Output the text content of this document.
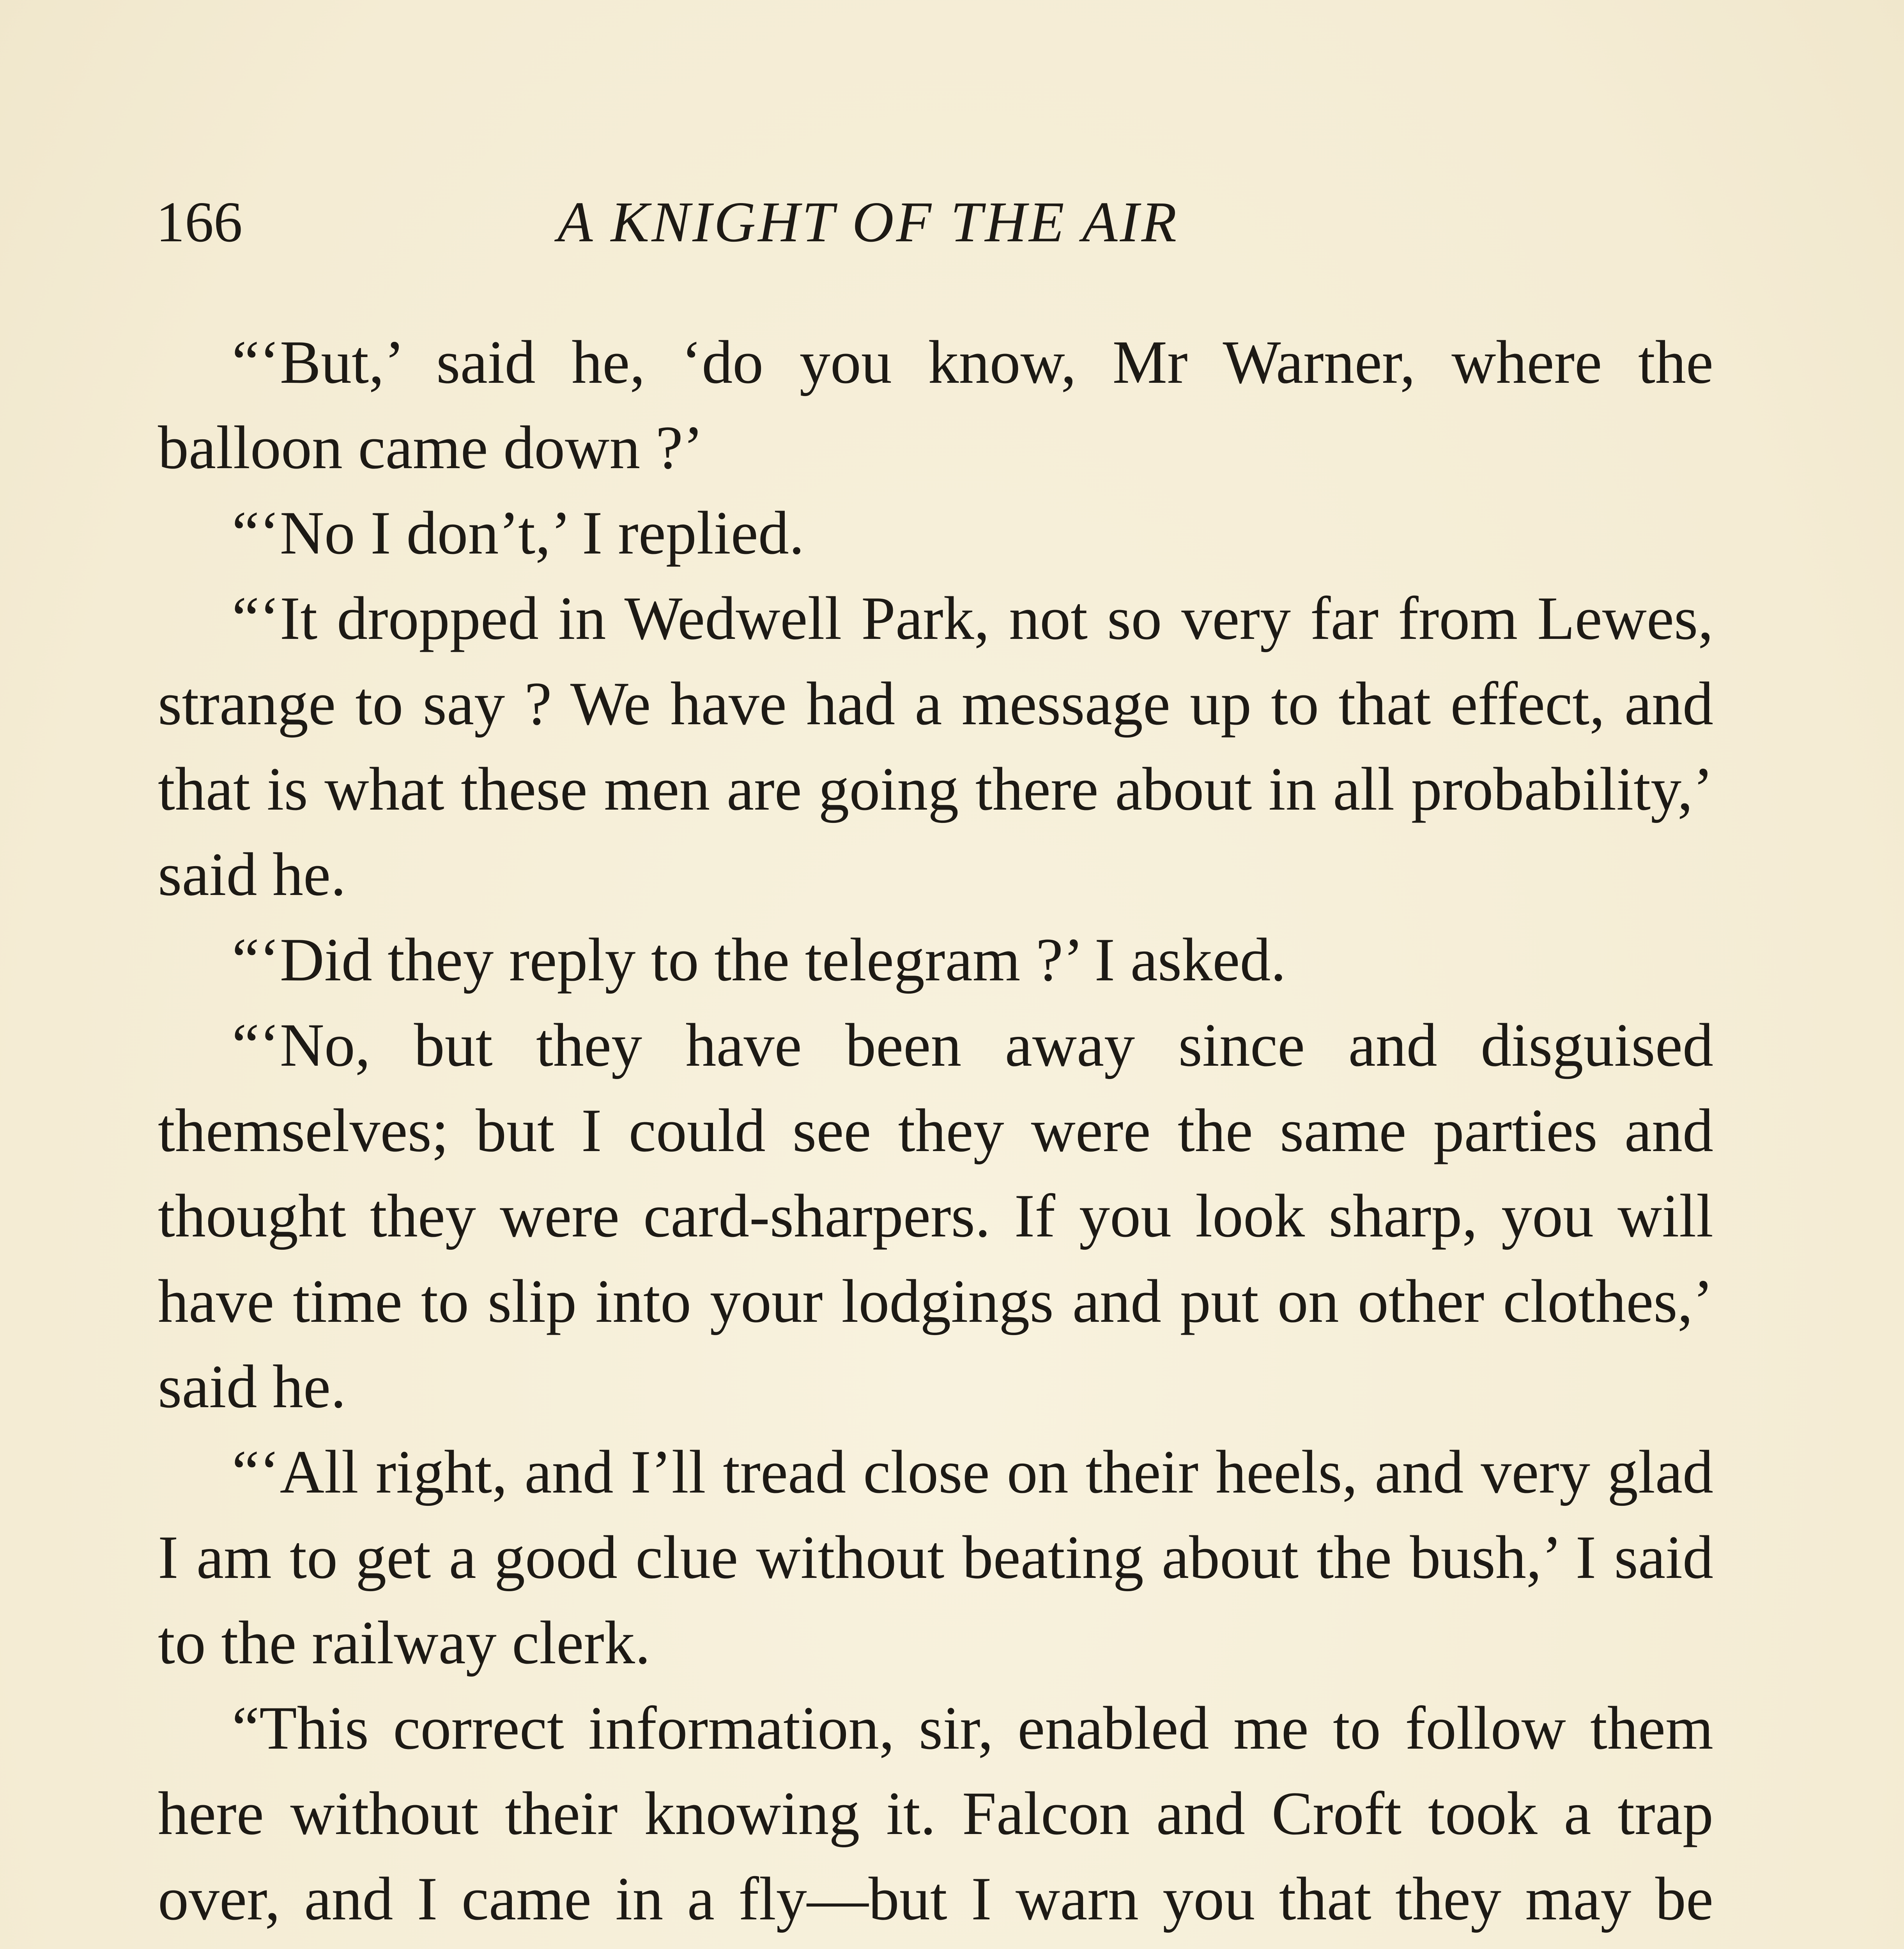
166	A KNIGHT OF THE AIR

“‘But,’ said he, ‘do you know, Mr Warner, where the balloon came down ?’

“‘No I don’t,’ I replied.

“‘It dropped in Wedwell Park, not so very far from Lewes, strange to say ? We have had a message up to that effect, and that is what these men are going there about in all probability,’ said he.

“‘Did they reply to the telegram ?’ I asked.

“‘No, but they have been away since and disguised themselves; but I could see they were the same parties and thought they were card-sharpers. If you look sharp, you will have time to slip into your lodgings and put on other clothes,’ said he.

“‘All right, and I’ll tread close on their heels, and very glad I am to get a good clue without beating about the bush,’ I said to the railway clerk.

“This correct information, sir, enabled me to follow them here without their knowing it. Falcon and Croft took a trap over, and I came in a fly—but I warn you that they may be
